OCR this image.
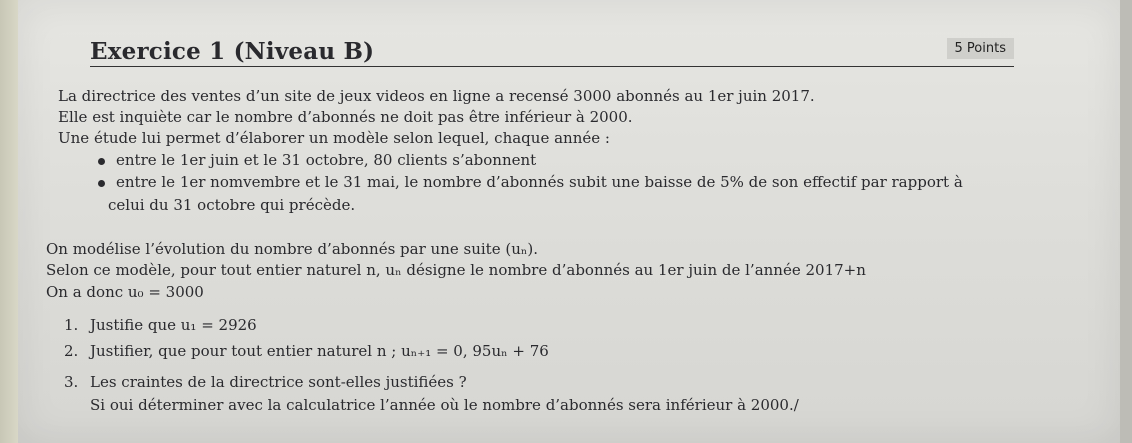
Exercice 1 (Niveau B)	5 Points
La directrice des ventes d’un site de jeux videos en ligne a recensé 3000 abonnés au 1er juin 2017.
Elle est inquiète car le nombre d’abonnés ne doit pas être inférieur à 2000.
Une étude lui permet d’élaborer un modèle selon lequel, chaque année :
entre le 1er juin et le 31 octobre, 80 clients s’abonnent
entre le 1er nomvembre et le 31 mai, le nombre d’abonnés subit une baisse de 5% de son effectif par rapport à
celui du 31 octobre qui précède.
On modélise l’évolution du nombre d’abonnés par une suite (uₙ).
Selon ce modèle, pour tout entier naturel n, uₙ désigne le nombre d’abonnés au 1er juin de l’année 2017+n
On a donc u₀ = 3000
1. Justifie que u₁ = 2926
2. Justifier, que pour tout entier naturel n ; uₙ₊₁ = 0, 95uₙ + 76
3. Les craintes de la directrice sont-elles justifiées ?
Si oui déterminer avec la calculatrice l’année où le nombre d’abonnés sera inférieur à 2000./
